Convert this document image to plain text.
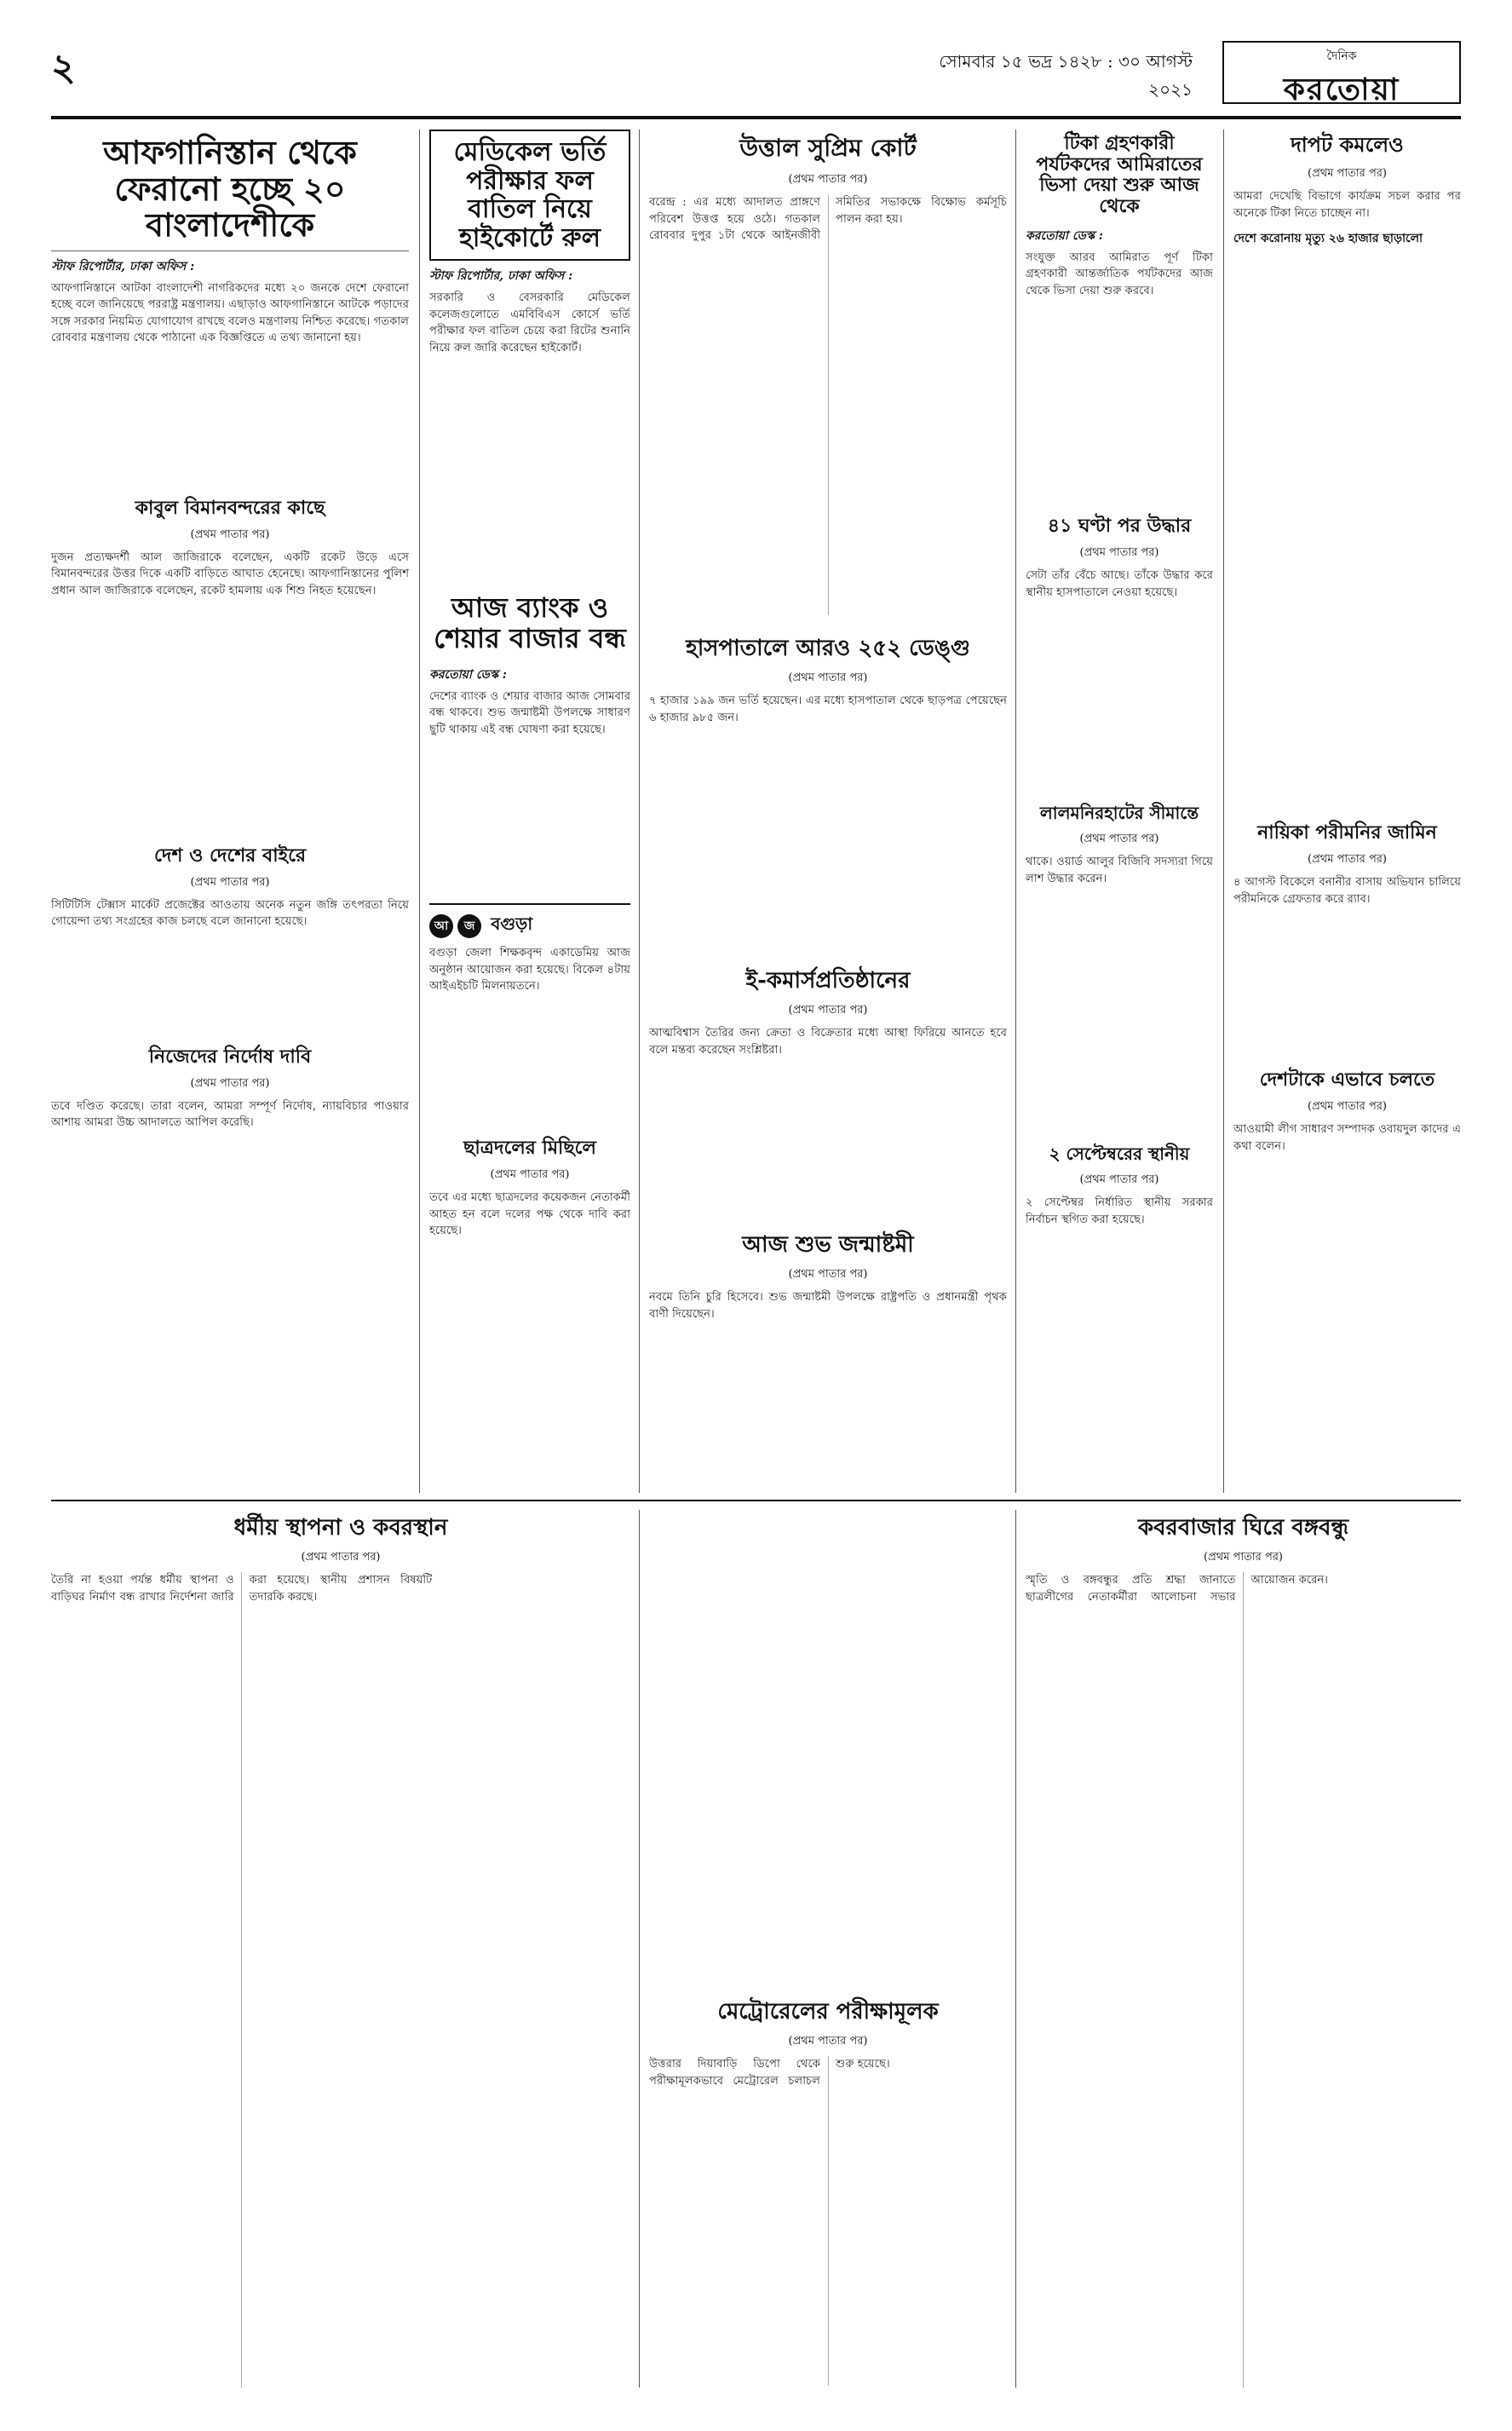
২	সোমবার ১৫ ভদ্র ১৪২৮ : ৩০ আগস্ট ২০২১
দৈনিক
করতোয়া
আফগানিস্তান থেকে ফেরানো হচ্ছে ২০ বাংলাদেশীকে
স্টাফ রিপোর্টার, ঢাকা অফিস :
আফগানিস্তানে আটকা বাংলাদেশী নাগরিকদের মধ্যে ২০ জনকে দেশে ফেরানো হচ্ছে বলে জানিয়েছে পররাষ্ট্র মন্ত্রণালয়। এছাড়াও আফগানিস্তানে আটকে পড়াদের সঙ্গে সরকার নিয়মিত যোগাযোগ রাখছে বলেও মন্ত্রণালয় নিশ্চিত করেছে। গতকাল রোববার মন্ত্রণালয় থেকে পাঠানো এক বিজ্ঞপ্তিতে এ তথ্য জানানো হয়।
কাবুল বিমানবন্দরের কাছে
(প্রথম পাতার পর)
দুজন প্রত্যক্ষদর্শী আল জাজিরাকে বলেছেন, একটি রকেট উড়ে এসে বিমানবন্দরের উত্তর দিকে একটি বাড়িতে আঘাত হেনেছে। আফগানিস্তানের পুলিশ প্রধান আল জাজিরাকে বলেছেন, রকেট হামলায় এক শিশু নিহত হয়েছেন।
দেশ ও দেশের বাইরে
(প্রথম পাতার পর)
সিটিটিসি টেক্সাস মার্কেট প্রজেক্টের আওতায় অনেক নতুন জঙ্গি তৎপরতা নিয়ে গোয়েন্দা তথ্য সংগ্রহের কাজ চলছে বলে জানানো হয়েছে।
নিজেদের নির্দোষ দাবি
(প্রথম পাতার পর)
তবে দণ্ডিত করেছে। তারা বলেন, আমরা সম্পূর্ণ নির্দোষ, ন্যায়বিচার পাওয়ার আশায় আমরা উচ্চ আদালতে আপিল করেছি।
মেডিকেল ভর্তি পরীক্ষার ফল বাতিল নিয়ে হাইকোর্টে রুল
স্টাফ রিপোর্টার, ঢাকা অফিস :
সরকারি ও বেসরকারি মেডিকেল কলেজগুলোতে এমবিবিএস কোর্সে ভর্তি পরীক্ষার ফল বাতিল চেয়ে করা রিটের শুনানি নিয়ে রুল জারি করেছেন হাইকোর্ট।
আজ ব্যাংক ও শেয়ার বাজার বন্ধ
করতোয়া ডেস্ক :
দেশের ব্যাংক ও শেয়ার বাজার আজ সোমবার বন্ধ থাকবে। শুভ জন্মাষ্টমী উপলক্ষে সাধারণ ছুটি থাকায় এই বন্ধ ঘোষণা করা হয়েছে।
আ জ বগুড়া
বগুড়া জেলা শিক্ষকবৃন্দ একাডেমিয় আজ অনুষ্ঠান আয়োজন করা হয়েছে। বিকেল ৪টায় আইএইচটি মিলনায়তনে।
ছাত্রদলের মিছিলে
(প্রথম পাতার পর)
তবে এর মধ্যে ছাত্রদলের কয়েকজন নেতাকর্মী আহত হন বলে দলের পক্ষ থেকে দাবি করা হয়েছে।
উত্তাল সুপ্রিম কোর্ট
(প্রথম পাতার পর)
বরেন্দ্র : এর মধ্যে আদালত প্রাঙ্গণে পরিবেশ উত্তপ্ত হয়ে ওঠে। গতকাল রোববার দুপুর ১টা থেকে আইনজীবী সমিতির সভাকক্ষে বিক্ষোভ কর্মসূচি পালন করা হয়।
হাসপাতালে আরও ২৫২ ডেঙ্গু
(প্রথম পাতার পর)
৭ হাজার ১৯৯ জন ভর্তি হয়েছেন। এর মধ্যে হাসপাতাল থেকে ছাড়পত্র পেয়েছেন ৬ হাজার ৯৮৫ জন।
ই-কমার্সপ্রতিষ্ঠানের
(প্রথম পাতার পর)
আত্মবিশ্বাস তৈরির জন্য ক্রেতা ও বিক্রেতার মধ্যে আস্থা ফিরিয়ে আনতে হবে বলে মন্তব্য করেছেন সংশ্লিষ্টরা।
আজ শুভ জন্মাষ্টমী
(প্রথম পাতার পর)
নবমে তিনি চুরি হিসেবে। শুভ জন্মাষ্টমী উপলক্ষে রাষ্ট্রপতি ও প্রধানমন্ত্রী পৃথক বাণী দিয়েছেন।
টিকা গ্রহণকারী পর্যটকদের আমিরাতের ভিসা দেয়া শুরু আজ থেকে
করতোয়া ডেস্ক :
সংযুক্ত আরব আমিরাত পূর্ণ টিকা গ্রহণকারী আন্তর্জাতিক পর্যটকদের আজ থেকে ভিসা দেয়া শুরু করবে।
৪১ ঘণ্টা পর উদ্ধার
(প্রথম পাতার পর)
সেটা তাঁর বেঁচে আছে। তাঁকে উদ্ধার করে স্থানীয় হাসপাতালে নেওয়া হয়েছে।
লালমনিরহাটের সীমান্তে
(প্রথম পাতার পর)
থাকে। ওয়ার্ড আলুর বিজিবি সদস্যরা গিয়ে লাশ উদ্ধার করেন।
২ সেপ্টেম্বরের স্থানীয়
(প্রথম পাতার পর)
২ সেপ্টেম্বর নির্ধারিত স্থানীয় সরকার নির্বাচন স্থগিত করা হয়েছে।
দাপট কমলেও
(প্রথম পাতার পর)
আমরা দেখেছি বিভাগে কার্যক্রম সচল করার পর অনেকে টিকা নিতে চাচ্ছেন না।
দেশে করোনায় মৃত্যু ২৬ হাজার ছাড়ালো
নায়িকা পরীমনির জামিন
(প্রথম পাতার পর)
৪ আগস্ট বিকেলে বনানীর বাসায় অভিযান চালিয়ে পরীমনিকে গ্রেফতার করে র‍্যাব।
দেশটাকে এভাবে চলতে
(প্রথম পাতার পর)
আওয়ামী লীগ সাধারণ সম্পাদক ওবায়দুল কাদের এ কথা বলেন।
ধর্মীয় স্থাপনা ও কবরস্থান
(প্রথম পাতার পর)
তৈরি না হওয়া পর্যন্ত ধর্মীয় স্থাপনা ও বাড়িঘর নির্মাণ বন্ধ রাখার নির্দেশনা জারি করা হয়েছে। স্থানীয় প্রশাসন বিষয়টি তদারকি করছে।
মেট্রোরেলের পরীক্ষামূলক
(প্রথম পাতার পর)
উত্তরার দিয়াবাড়ি ডিপো থেকে পরীক্ষামূলকভাবে মেট্রোরেল চলাচল শুরু হয়েছে।
কবরবাজার ঘিরে বঙ্গবন্ধু
(প্রথম পাতার পর)
স্মৃতি ও বঙ্গবন্ধুর প্রতি শ্রদ্ধা জানাতে ছাত্রলীগের নেতাকর্মীরা আলোচনা সভার আয়োজন করেন।
